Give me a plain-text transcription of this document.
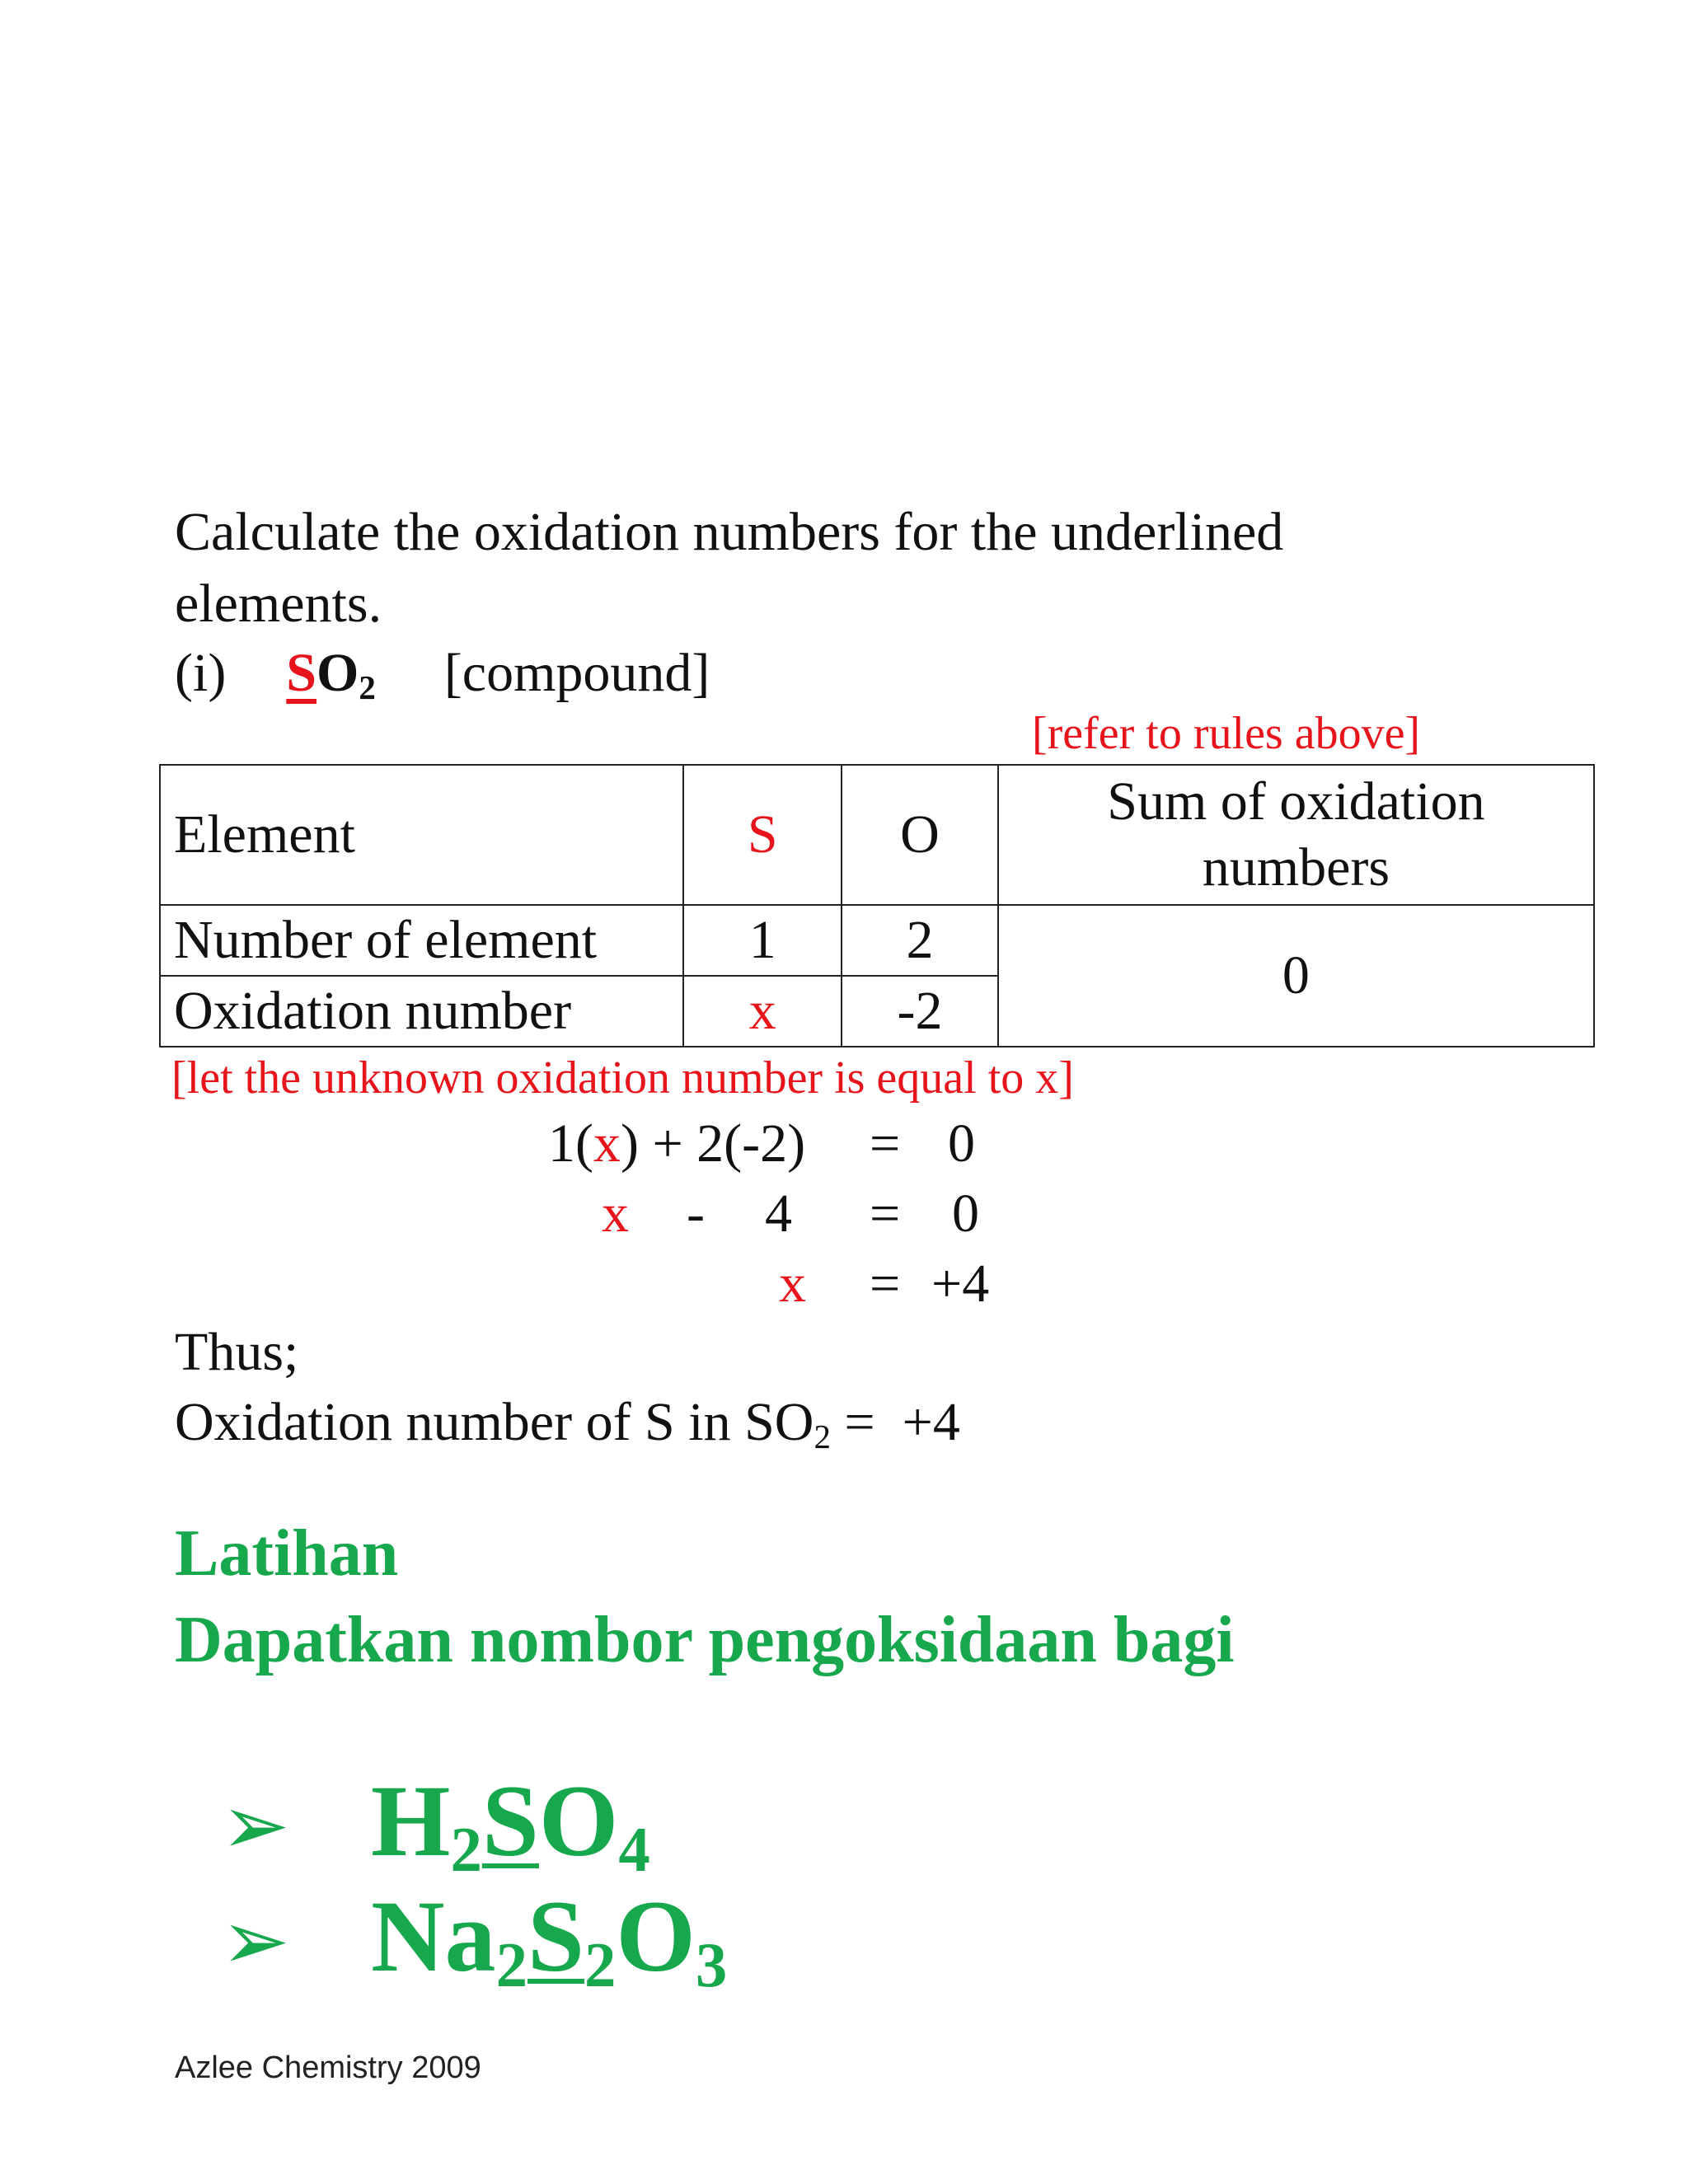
Calculate the oxidation numbers for the underlined
elements.
(i) $SO_2$ [compound]
[refer to rules above]
Element	S	O	Sum of oxidation
numbers

Number of element	1	2	0
Oxidation number	x	-2	
[let the unknown oxidation number is equal to x]
1(x) + 2(-2) = 0
x - 4 = 0
x = +4
Thus;
Oxidation number of S in $SO_2 = +4$
Latihan
Dapatkan nombor pengoksidaan bagi
➢ $H_2SO_4$
➢ $Na_2S_2O_3$
Azlee Chemistry 2009
